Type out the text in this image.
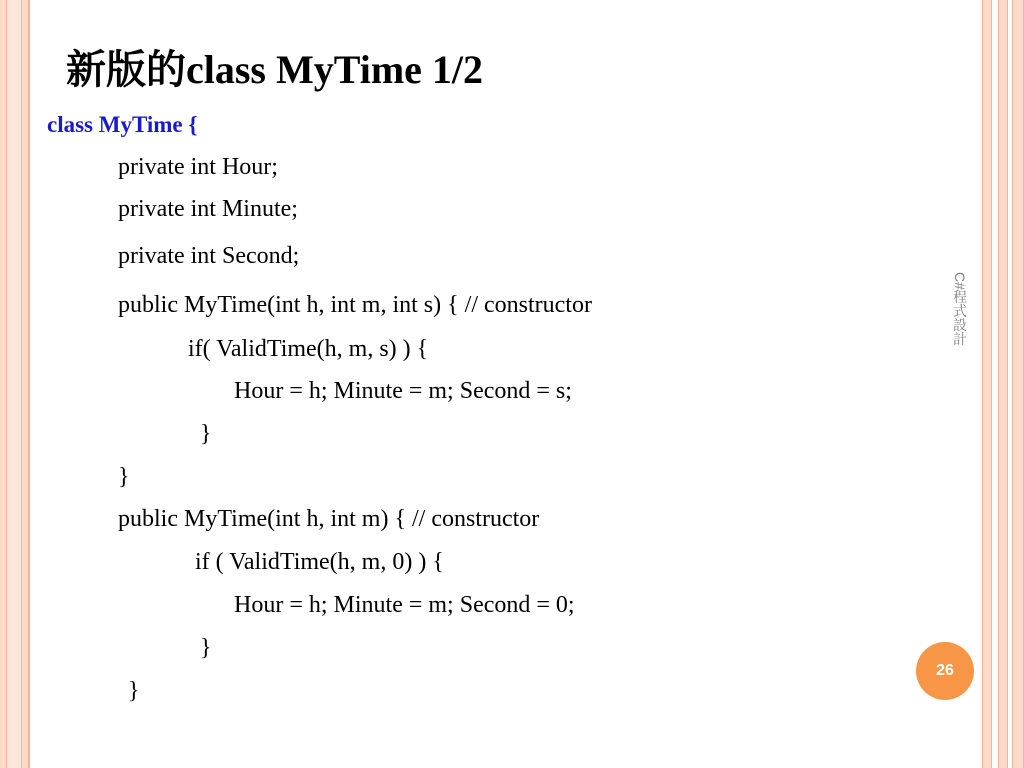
新版的class MyTime 1/2

class MyTime {

private int Hour;

private int Minute;

private int Second;

public MyTime(int h, int m, int s) { // constructor

if( ValidTime(h, m, s) ) {

Hour = h; Minute = m; Second = s;

}

}

public MyTime(int h, int m) { // constructor

if ( ValidTime(h, m, 0) ) {

Hour = h; Minute = m; Second = 0;

}

}

C#程式設計
26
